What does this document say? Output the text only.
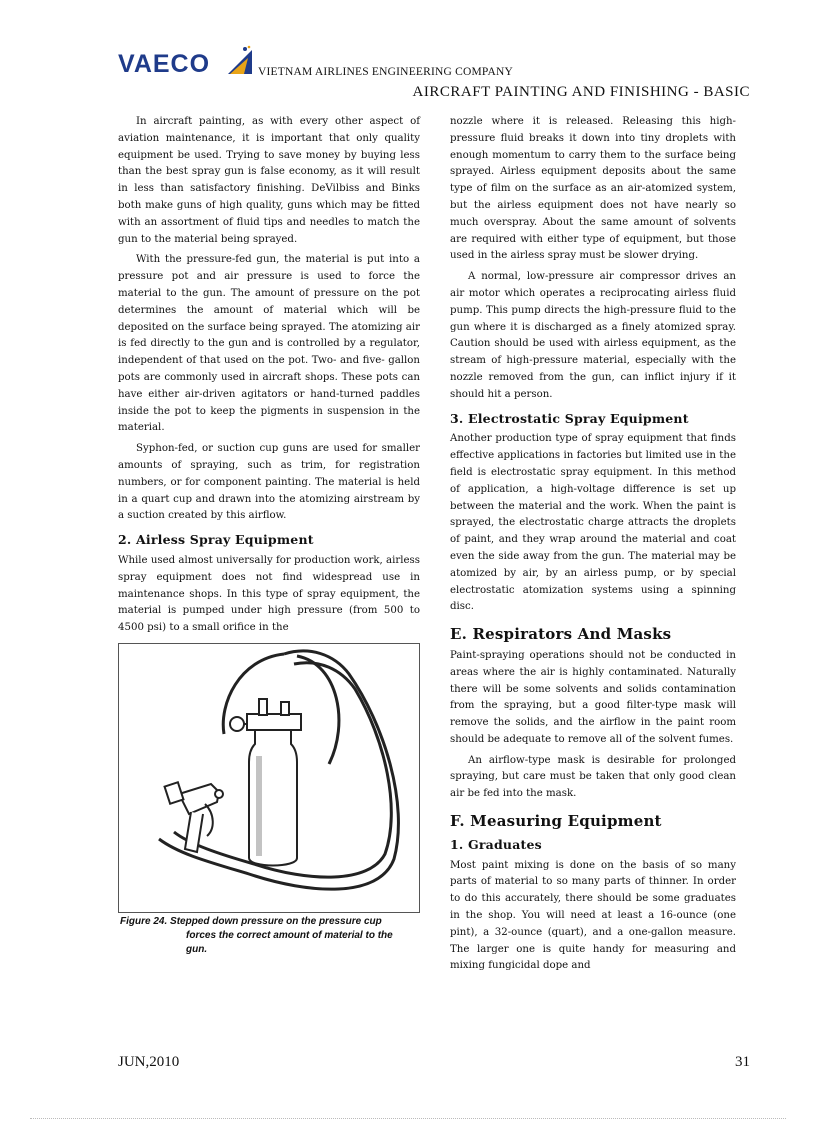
VAECO	VIETNAM AIRLINES ENGINEERING COMPANY
AIRCRAFT PAINTING AND FINISHING - BASIC

In aircraft painting, as with every other aspect of aviation maintenance, it is important that only quality equipment be used. Trying to save money by buying less than the best spray gun is false economy, as it will result in less than satisfactory finishing. DeVilbiss and Binks both make guns of high quality, guns which may be fitted with an assortment of fluid tips and needles to match the gun to the material being sprayed.

With the pressure-fed gun, the material is put into a pressure pot and air pressure is used to force the material to the gun. The amount of pressure on the pot determines the amount of material which will be deposited on the surface being sprayed. The atomizing air is fed directly to the gun and is controlled by a regulator, independent of that used on the pot. Two- and five- gallon pots are commonly used in aircraft shops. These pots can have either air-driven agitators or hand-turned paddles inside the pot to keep the pigments in suspension in the material.

Syphon-fed, or suction cup guns are used for smaller amounts of spraying, such as trim, for registration numbers, or for component painting. The material is held in a quart cup and drawn into the atomizing airstream by a suction created by this airflow.

2. Airless Spray Equipment

While used almost universally for production work, airless spray equipment does not find widespread use in maintenance shops. In this type of spray equipment, the material is pumped under high pressure (from 500 to 4500 psi) to a small orifice in the

Figure 24. Stepped down pressure on the pressure cup
forces the correct amount of material to the gun.

nozzle where it is released. Releasing this high-pressure fluid breaks it down into tiny droplets with enough momentum to carry them to the surface being sprayed. Airless equipment deposits about the same type of film on the surface as an air-atomized system, but the airless equipment does not have nearly so much overspray. About the same amount of solvents are required with either type of equipment, but those used in the airless spray must be slower drying.

A normal, low-pressure air compressor drives an air motor which operates a reciprocating airless fluid pump. This pump directs the high-pressure fluid to the gun where it is discharged as a finely atomized spray. Caution should be used with airless equipment, as the stream of high-pressure material, especially with the nozzle removed from the gun, can inflict injury if it should hit a person.

3. Electrostatic Spray Equipment

Another production type of spray equipment that finds effective applications in factories but limited use in the field is electrostatic spray equipment. In this method of application, a high-voltage difference is set up between the material and the work. When the paint is sprayed, the electrostatic charge attracts the droplets of paint, and they wrap around the material and coat even the side away from the gun. The material may be atomized by air, by an airless pump, or by special electrostatic atomization systems using a spinning disc.

E. Respirators And Masks

Paint-spraying operations should not be conducted in areas where the air is highly contaminated. Naturally there will be some solvents and solids contamination from the spraying, but a good filter-type mask will remove the solids, and the airflow in the paint room should be adequate to remove all of the solvent fumes.

An airflow-type mask is desirable for prolonged spraying, but care must be taken that only good clean air be fed into the mask.

F. Measuring Equipment
1. Graduates

Most paint mixing is done on the basis of so many parts of material to so many parts of thinner. In order to do this accurately, there should be some graduates in the shop. You will need at least a 16-ounce (one pint), a 32-ounce (quart), and a one-gallon measure. The larger one is quite handy for measuring and mixing fungicidal dope and

JUN,2010	31
